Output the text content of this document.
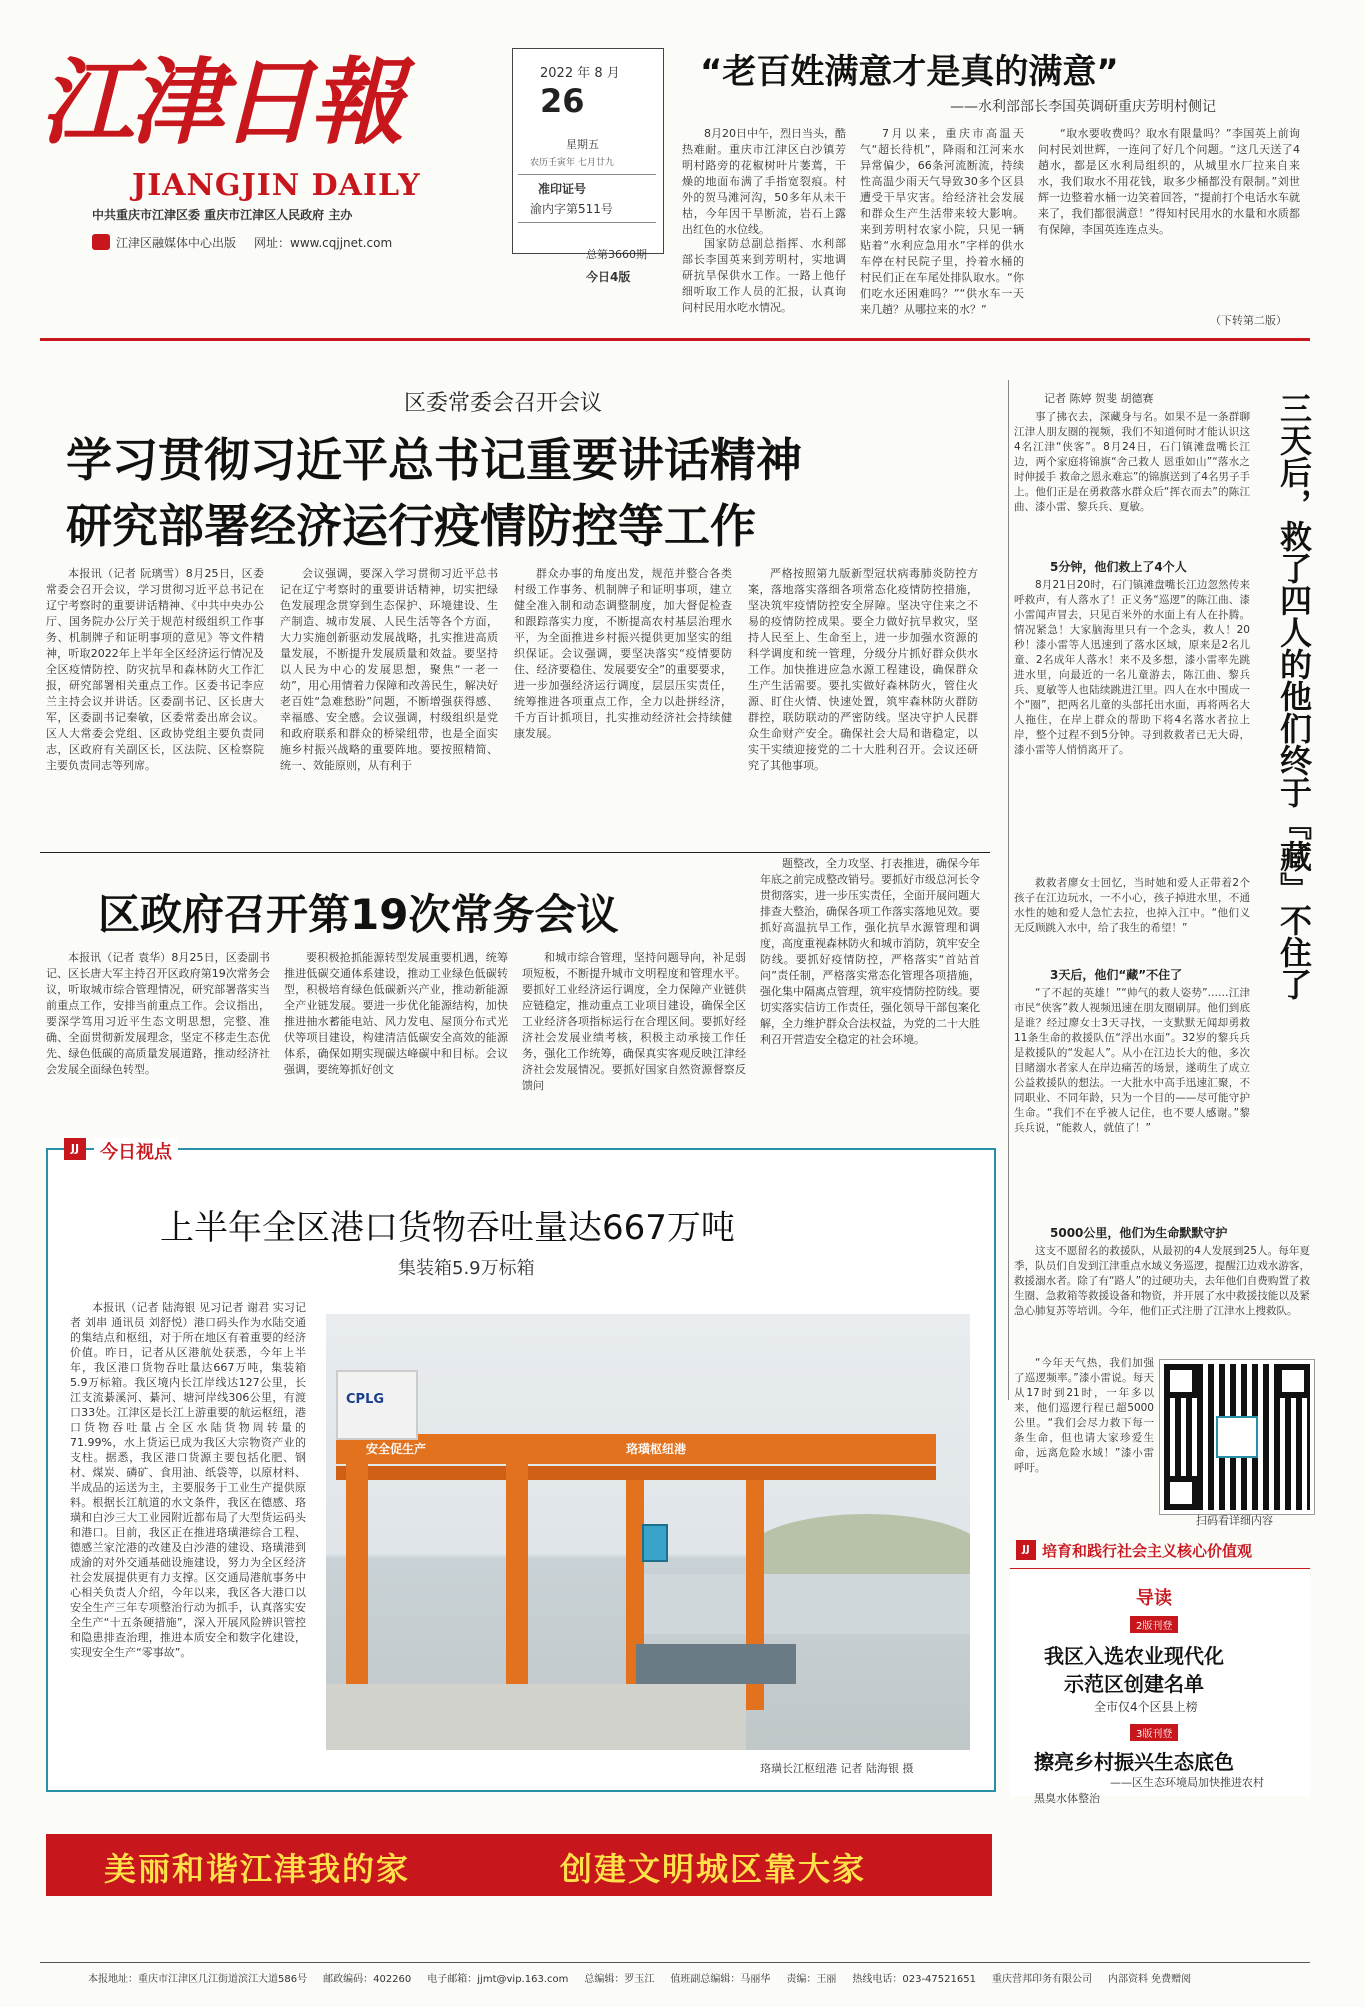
江津日報
JIANGJIN DAILY
中共重庆市江津区委 重庆市江津区人民政府 主办
江津区融媒体中心出版 网址：www.cqjjnet.com
2022 年 8 月
26
星期五
农历壬寅年 七月廿九
准印证号
渝内字第511号
总第3660期
今日4版
“老百姓满意才是真的满意”
——水利部部长李国英调研重庆芳明村侧记

8月20日中午，烈日当头，酷热难耐。重庆市江津区白沙镇芳明村路旁的花椒树叶片萎蔫，干燥的地面布满了手指宽裂痕。村外的贺马滩河沟，50多年从未干枯，今年因干旱断流，岩石上露出红色的水位线。

国家防总副总指挥、水利部部长李国英来到芳明村，实地调研抗旱保供水工作。一路上他仔细听取工作人员的汇报，认真询问村民用水吃水情况。

7月以来，重庆市高温天气“超长待机”，降雨和江河来水异常偏少，66条河流断流，持续性高温少雨天气导致30多个区县遭受干旱灾害。给经济社会发展和群众生产生活带来较大影响。来到芳明村农家小院，只见一辆贴着“水利应急用水”字样的供水车停在村民院子里，拎着水桶的村民们正在车尾处排队取水。“你们吃水还困难吗？”“供水车一天来几趟？从哪拉来的水？”

“取水要收费吗？取水有限量吗？”李国英上前询问村民刘世辉，一连问了好几个问题。“这几天送了4趟水，都是区水利局组织的，从城里水厂拉来自来水，我们取水不用花钱，取多少桶都没有限制。”刘世辉一边整着水桶一边笑着回答，“提前打个电话水车就来了，我们都很满意！”得知村民用水的水量和水质都有保障，李国英连连点头。

（下转第二版）
区委常委会召开会议
学习贯彻习近平总书记重要讲话精神
研究部署经济运行疫情防控等工作

本报讯（记者 阮璃雪）8月25日，区委常委会召开会议，学习贯彻习近平总书记在辽宁考察时的重要讲话精神、《中共中央办公厅、国务院办公厅关于规范村级组织工作事务、机制牌子和证明事项的意见》等文件精神，听取2022年上半年全区经济运行情况及全区疫情防控、防灾抗旱和森林防火工作汇报，研究部署相关重点工作。区委书记李应兰主持会议并讲话。区委副书记、区长唐大军，区委副书记秦敏，区委常委出席会议。区人大常委会党组、区政协党组主要负责同志，区政府有关副区长，区法院、区检察院主要负责同志等列席。

会议强调，要深入学习贯彻习近平总书记在辽宁考察时的重要讲话精神，切实把绿色发展理念贯穿到生态保护、环境建设、生产制造、城市发展、人民生活等各个方面，大力实施创新驱动发展战略，扎实推进高质量发展，不断提升发展质量和效益。要坚持以人民为中心的发展思想，聚焦“一老一幼”，用心用情着力保障和改善民生，解决好老百姓“急难愁盼”问题，不断增强获得感、幸福感、安全感。会议强调，村级组织是党和政府联系和群众的桥梁纽带，也是全面实施乡村振兴战略的重要阵地。要按照精简、统一、效能原则，从有利于

群众办事的角度出发，规范并整合各类村级工作事务、机制牌子和证明事项，建立健全准入制和动态调整制度，加大督促检查和跟踪落实力度，不断提高农村基层治理水平，为全面推进乡村振兴提供更加坚实的组织保证。会议强调，要坚决落实“疫情要防住、经济要稳住、发展要安全”的重要要求，进一步加强经济运行调度，层层压实责任，统筹推进各项重点工作，全力以赴拼经济，千方百计抓项目，扎实推动经济社会持续健康发展。

严格按照第九版新型冠状病毒肺炎防控方案，落地落实落细各项常态化疫情防控措施，坚决筑牢疫情防控安全屏障。坚决守住来之不易的疫情防控成果。要全力做好抗旱救灾，坚持人民至上、生命至上，进一步加强水资源的科学调度和统一管理，分级分片抓好群众供水工作。加快推进应急水源工程建设，确保群众生产生活需要。要扎实做好森林防火，管住火源、盯住火情、快速处置，筑牢森林防火群防群控，联防联动的严密防线。坚决守护人民群众生命财产安全。确保社会大局和谐稳定，以实干实绩迎接党的二十大胜利召开。会议还研究了其他事项。

区政府召开第19次常务会议

本报讯（记者 袁华）8月25日，区委副书记、区长唐大军主持召开区政府第19次常务会议，听取城市综合管理情况，研究部署落实当前重点工作，安排当前重点工作。会议指出，要深学笃用习近平生态文明思想，完整、准确、全面贯彻新发展理念，坚定不移走生态优先、绿色低碳的高质量发展道路，推动经济社会发展全面绿色转型。

要积极抢抓能源转型发展重要机遇，统筹推进低碳交通体系建设，推动工业绿色低碳转型，积极培育绿色低碳新兴产业，推动新能源全产业链发展。要进一步优化能源结构，加快推进抽水蓄能电站、风力发电、屋顶分布式光伏等项目建设，构建清洁低碳安全高效的能源体系，确保如期实现碳达峰碳中和目标。会议强调，要统筹抓好创文

和城市综合管理，坚持问题导向，补足弱项短板，不断提升城市文明程度和管理水平。要抓好工业经济运行调度，全力保障产业链供应链稳定，推动重点工业项目建设，确保全区工业经济各项指标运行在合理区间。要抓好经济社会发展业绩考核，积极主动承接工作任务，强化工作统筹，确保真实客观反映江津经济社会发展情况。要抓好国家自然资源督察反馈问

题整改，全力攻坚、打表推进，确保今年年底之前完成整改销号。要抓好市级总河长令贯彻落实，进一步压实责任，全面开展问题大排查大整治，确保各项工作落实落地见效。要抓好高温抗旱工作，强化抗旱水源管理和调度，高度重视森林防火和城市消防，筑牢安全防线。要抓好疫情防控，严格落实“首站首问”责任制，严格落实常态化管理各项措施，强化集中隔离点管理，筑牢疫情防控防线。要切实落实信访工作责任，强化领导干部包案化解，全力维护群众合法权益，为党的二十大胜利召开营造安全稳定的社会环境。

JJ	今日视点
上半年全区港口货物吞吐量达667万吨
集装箱5.9万标箱

本报讯（记者 陆海银 见习记者 谢君 实习记者 刘串 通讯员 刘舒悦）港口码头作为水陆交通的集结点和枢纽，对于所在地区有着重要的经济价值。昨日，记者从区港航处获悉，今年上半年，我区港口货物吞吐量达667万吨，集装箱5.9万标箱。我区境内长江岸线达127公里，长江支流綦溪河、綦河、塘河岸线306公里，有渡口33处。江津区是长江上游重要的航运枢纽，港口货物吞吐量占全区水陆货物周转量的71.99%，水上货运已成为我区大宗物资产业的支柱。据悉，我区港口货源主要包括化肥、钢材、煤炭、磷矿、食用油、纸袋等，以原材料、半成品的运送为主，主要服务于工业生产提供原料。根据长江航道的水文条件，我区在德感、珞璜和白沙三大工业园附近都布局了大型货运码头和港口。目前，我区正在推进珞璜港综合工程、德感兰家沱港的改建及白沙港的建设、珞璜港到成渝的对外交通基础设施建设，努力为全区经济社会发展提供更有力支撑。区交通局港航事务中心相关负责人介绍，今年以来，我区各大港口以安全生产三年专项整治行动为抓手，认真落实安全生产“十五条硬措施”，深入开展风险辨识管控和隐患排查治理，推进本质安全和数字化建设，实现安全生产“零事故”。

CPLG
安全促生产	珞璜枢纽港
珞璜长江枢纽港 记者 陆海银 摄
记者 陈婷 贺斐 胡德赛	三天后，救了四人的他们终于『藏』不住了

事了拂衣去，深藏身与名。如果不是一条群聊江津人朋友圈的视频，我们不知道何时才能认识这4名江津“侠客”。8月24日，石门镇滩盘嘴长江边，两个家庭将锦旗“舍己救人 恩重如山”“落水之时伸援手 救命之恩永难忘”的锦旗送到了4名男子手上。他们正是在勇救落水群众后“挥衣而去”的陈江曲、漆小雷、黎兵兵、夏敏。

5分钟，他们救上了4个人

8月21日20时，石门镇滩盘嘴长江边忽然传来呼救声，有人落水了！正义务“巡逻”的陈江曲、漆小雷闻声冒去，只见百米外的水面上有人在扑腾。情况紧急！大家脑海里只有一个念头，救人！20秒！漆小雷等人迅速到了落水区域，原来是2名儿童、2名成年人落水！来不及多想，漆小雷率先跳进水里，向最近的一名儿童游去，陈江曲、黎兵兵、夏敏等人也陆续跳进江里。四人在水中围成一个“圈”，把两名儿童的头部托出水面，再将两名大人拖住，在岸上群众的帮助下将4名落水者拉上岸，整个过程不到5分钟。寻到救救者已无大碍，漆小雷等人悄悄离开了。

救救者廖女士回忆，当时她和爱人正带着2个孩子在江边玩水，一不小心，孩子掉进水里，不通水性的她和爱人急忙去拉，也掉入江中。“他们义无反顾跳入水中，给了我生的希望！”

3天后，他们“藏”不住了

“了不起的英雄！”“帅气的救人姿势”……江津市民“侠客”救人视频迅速在朋友圈刷屏。他们到底是谁？经过廖女士3天寻找，一支默默无闻却勇救11条生命的救援队伍“浮出水面”。32岁的黎兵兵是救援队的“发起人”。从小在江边长大的他，多次目睹溺水者家人在岸边痛苦的场景，遂萌生了成立公益救援队的想法。一大批水中高手迅速汇聚，不同职业、不同年龄，只为一个目的——尽可能守护生命。“我们不在乎被人记住，也不要人感谢。”黎兵兵说，“能救人，就值了！”

5000公里，他们为生命默默守护

这支不愿留名的救援队，从最初的4人发展到25人。每年夏季，队员们自发到江津重点水域义务巡逻，提醒江边戏水游客，救援溺水者。除了有“路人”的过硬功夫，去年他们自费购置了救生圈、急救箱等救援设备和物资，并开展了水中救援技能以及紧急心肺复苏等培训。今年，他们正式注册了江津水上搜救队。

“今年天气热，我们加强了巡逻频率。”漆小雷说。每天从17时到21时，一年多以来，他们巡逻行程已超5000公里。“我们会尽力救下每一条生命，但也请大家珍爱生命，远离危险水域！”漆小雷呼吁。

扫码看详细内容
JJ 培育和践行社会主义核心价值观
导读
2版刊登
我区入选农业现代化
示范区创建名单
全市仅4个区县上榜
3版刊登
擦亮乡村振兴生态底色
——区生态环境局加快推进农村
黑臭水体整治
美丽和谐江津我的家	创建文明城区靠大家
本报地址：重庆市江津区几江街道滨江大道586号 邮政编码：402260 电子邮箱：jjmt@vip.163.com 总编辑：罗玉江 值班副总编辑：马丽华 责编：王丽 热线电话：023-47521651 重庆营邦印务有限公司 内部资料 免费赠阅
